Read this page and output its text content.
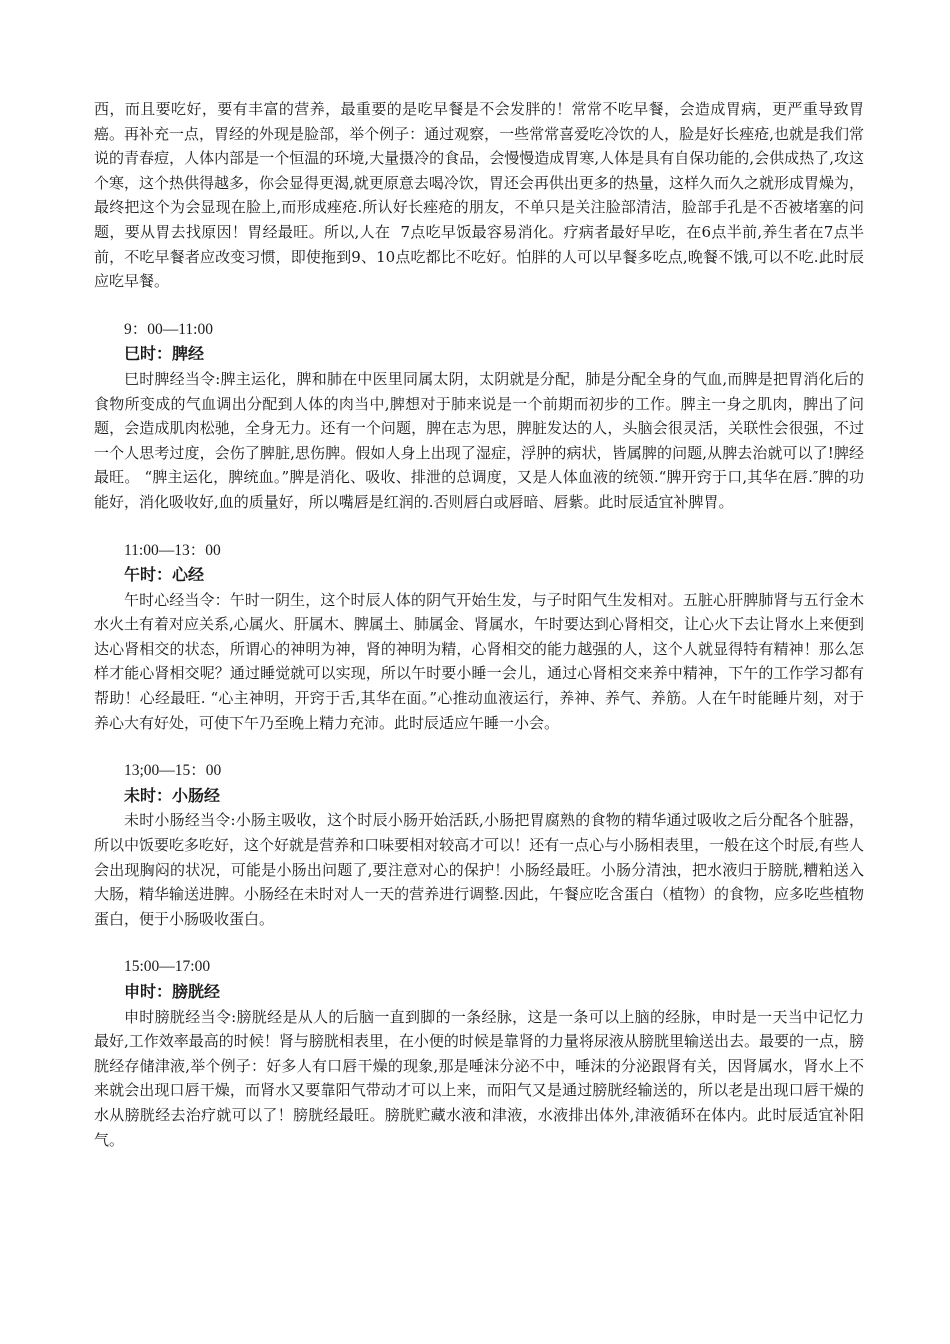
西，而且要吃好，要有丰富的营养，最重要的是吃早餐是不会发胖的！常常不吃早餐，会造成胃病，更严重导致胃癌。再补充一点，胃经的外现是脸部，举个例子：通过观察，一些常常喜爱吃冷饮的人，脸是好长痤疮,也就是我们常说的青春痘，人体内部是一个恒温的环境,大量摄冷的食品，会慢慢造成胃寒,人体是具有自保功能的,会供成热了,攻这个寒，这个热供得越多，你会显得更渴,就更原意去喝冷饮，胃还会再供出更多的热量，这样久而久之就形成胃燥为，最终把这个为会显现在脸上,而形成痤疮.所认好长痤疮的朋友，不单只是关注脸部清洁，脸部手孔是不否被堵塞的问题，要从胃去找原因！胃经最旺。所以,人在  7点吃早饭最容易消化。疗病者最好早吃，在6点半前,养生者在7点半前，不吃早餐者应改变习惯，即使拖到9、10点吃都比不吃好。怕胖的人可以早餐多吃点,晚餐不饿,可以不吃.此时辰应吃早餐。

9：00—11:00

巳时：脾经

巳时脾经当令:脾主运化，脾和肺在中医里同属太阴，太阴就是分配，肺是分配全身的气血,而脾是把胃消化后的食物所变成的气血调出分配到人体的肉当中,脾想对于肺来说是一个前期而初步的工作。脾主一身之肌肉，脾出了问题，会造成肌肉松驰，全身无力。还有一个问题，脾在志为思，脾脏发达的人，头脑会很灵活，关联性会很强，不过一个人思考过度，会伤了脾脏,思伤脾。假如人身上出现了湿症，浮肿的病状，皆属脾的问题,从脾去治就可以了!脾经最旺。 “脾主运化，脾统血。”脾是消化、吸收、排泄的总调度，又是人体血液的统领.“脾开窍于口,其华在唇.″脾的功能好，消化吸收好,血的质量好，所以嘴唇是红润的.否则唇白或唇暗、唇紫。此时辰适宜补脾胃。

11:00—13：00

午时：心经

午时心经当令：午时一阴生，这个时辰人体的阴气开始生发，与子时阳气生发相对。五脏心肝脾肺肾与五行金木水火土有着对应关系,心属火、肝属木、脾属土、肺属金、肾属水，午时要达到心肾相交，让心火下去让肾水上来便到达心肾相交的状态，所谓心的神明为神，肾的神明为精，心肾相交的能力越强的人，这个人就显得特有精神！那么怎样才能心肾相交呢？通过睡觉就可以实现，所以午时要小睡一会儿，通过心肾相交来养中精神，下午的工作学习都有帮助！心经最旺. “心主神明，开窍于舌,其华在面。”心推动血液运行，养神、养气、养筋。人在午时能睡片刻，对于养心大有好处，可使下午乃至晚上精力充沛。此时辰适应午睡一小会。

13;00—15：00

未时：小肠经

未时小肠经当令:小肠主吸收，这个时辰小肠开始活跃,小肠把胃腐熟的食物的精华通过吸收之后分配各个脏器，所以中饭要吃多吃好，这个好就是营养和口味要相对较高才可以！还有一点心与小肠相表里，一般在这个时辰,有些人会出现胸闷的状况，可能是小肠出问题了,要注意对心的保护！小肠经最旺。小肠分清浊，把水液归于膀胱,糟粕送入大肠，精华输送进脾。小肠经在未时对人一天的营养进行调整.因此，午餐应吃含蛋白（植物）的食物，应多吃些植物蛋白，便于小肠吸收蛋白。

15:00—17:00

申时：膀胱经

申时膀胱经当令:膀胱经是从人的后脑一直到脚的一条经脉，这是一条可以上脑的经脉，申时是一天当中记忆力最好,工作效率最高的时候！肾与膀胱相表里，在小便的时候是靠肾的力量将尿液从膀胱里输送出去。最要的一点，膀胱经存储津液,举个例子：好多人有口唇干燥的现象,那是唾沫分泌不中，唾沫的分泌跟肾有关，因肾属水，肾水上不来就会出现口唇干燥，而肾水又要靠阳气带动才可以上来，而阳气又是通过膀胱经输送的，所以老是出现口唇干燥的水从膀胱经去治疗就可以了！膀胱经最旺。膀胱贮藏水液和津液，水液排出体外,津液循环在体内。此时辰适宜补阳气。
